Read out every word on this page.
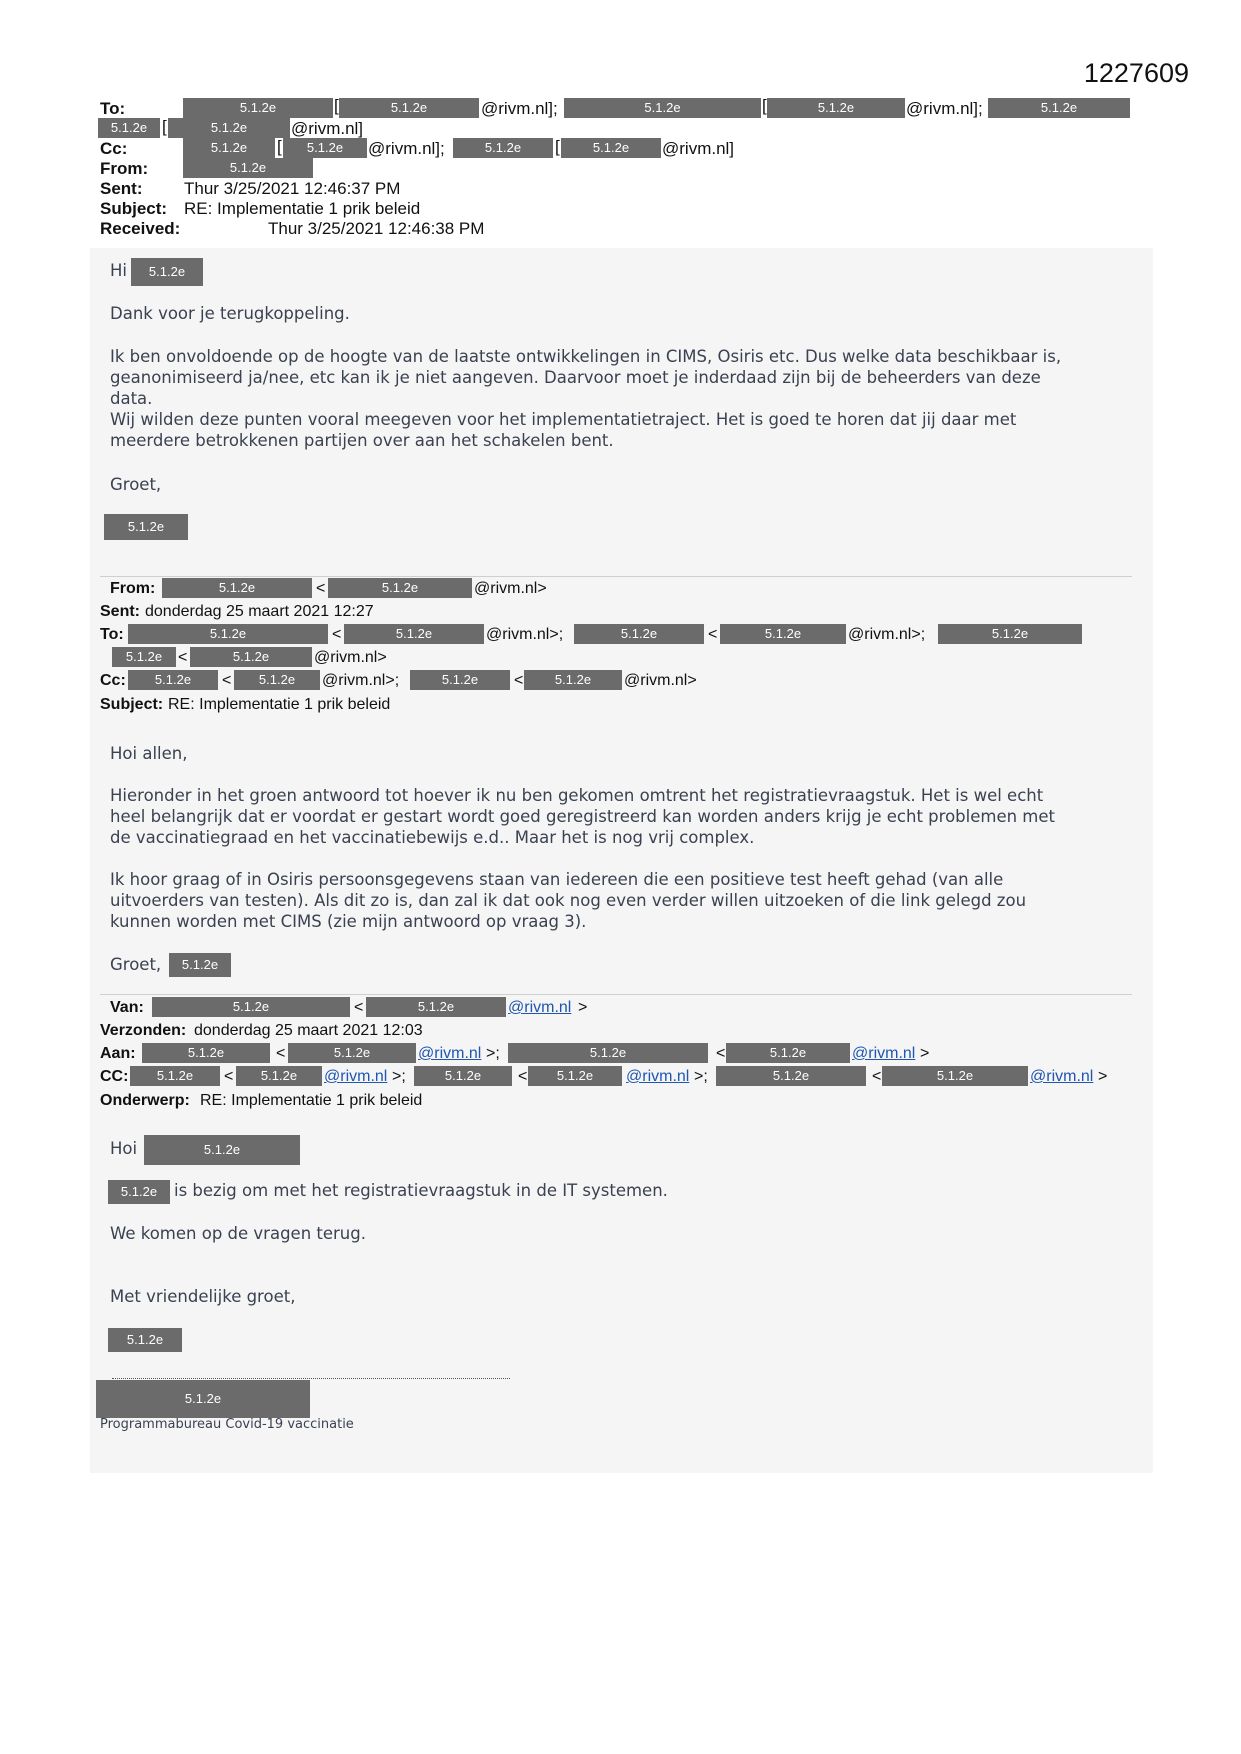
1227609
To:	5.1.2e	[	5.1.2e	@rivm.nl];	5.1.2e	[	5.1.2e	@rivm.nl];	5.1.2e
5.1.2e [	5.1.2e	@rivm.nl]
Cc:	5.1.2e	[	5.1.2e	@rivm.nl];	5.1.2e	[	5.1.2e	@rivm.nl]
From:	5.1.2e
Sent: Thur 3/25/2021 12:46:37 PM
Subject: RE: Implementatie 1 prik beleid
Received:	Thur 3/25/2021 12:46:38 PM
Hi	5.1.2e
Dank voor je terugkoppeling.
Ik ben onvoldoende op de hoogte van de laatste ontwikkelingen in CIMS, Osiris etc. Dus welke data beschikbaar is,
geanonimiseerd ja/nee, etc kan ik je niet aangeven. Daarvoor moet je inderdaad zijn bij de beheerders van deze
data.
Wij wilden deze punten vooral meegeven voor het implementatietraject. Het is goed te horen dat jij daar met
meerdere betrokkenen partijen over aan het schakelen bent.
Groet,
5.1.2e
From:	5.1.2e	<	5.1.2e	@rivm.nl>
Sent: donderdag 25 maart 2021 12:27
To:	5.1.2e	<	5.1.2e	@rivm.nl>;	5.1.2e	<	5.1.2e	@rivm.nl>;	5.1.2e
5.1.2e <	5.1.2e	@rivm.nl>
Cc:	5.1.2e	<	5.1.2e	@rivm.nl>;	5.1.2e	<	5.1.2e	@rivm.nl>
Subject: RE: Implementatie 1 prik beleid
Hoi allen,
Hieronder in het groen antwoord tot hoever ik nu ben gekomen omtrent het registratievraagstuk. Het is wel echt
heel belangrijk dat er voordat er gestart wordt goed geregistreerd kan worden anders krijg je echt problemen met
de vaccinatiegraad en het vaccinatiebewijs e.d.. Maar het is nog vrij complex.
Ik hoor graag of in Osiris persoonsgegevens staan van iedereen die een positieve test heeft gehad (van alle
uitvoerders van testen). Als dit zo is, dan zal ik dat ook nog even verder willen uitzoeken of die link gelegd zou
kunnen worden met CIMS (zie mijn antwoord op vraag 3).
Groet,	5.1.2e
Van:	5.1.2e	<	5.1.2e	@rivm.nl >
Verzonden: donderdag 25 maart 2021 12:03
Aan:	5.1.2e	<	5.1.2e	@rivm.nl >;	5.1.2e	<	5.1.2e	@rivm.nl >
CC:	5.1.2e	<	5.1.2e	@rivm.nl >;	5.1.2e	<	5.1.2e	@rivm.nl >;	5.1.2e	<	5.1.2e	@rivm.nl >
Onderwerp: RE: Implementatie 1 prik beleid
Hoi	5.1.2e
5.1.2e	is bezig om met het registratievraagstuk in de IT systemen.
We komen op de vragen terug.
Met vriendelijke groet,
5.1.2e
5.1.2e
Programmabureau Covid-19 vaccinatie
